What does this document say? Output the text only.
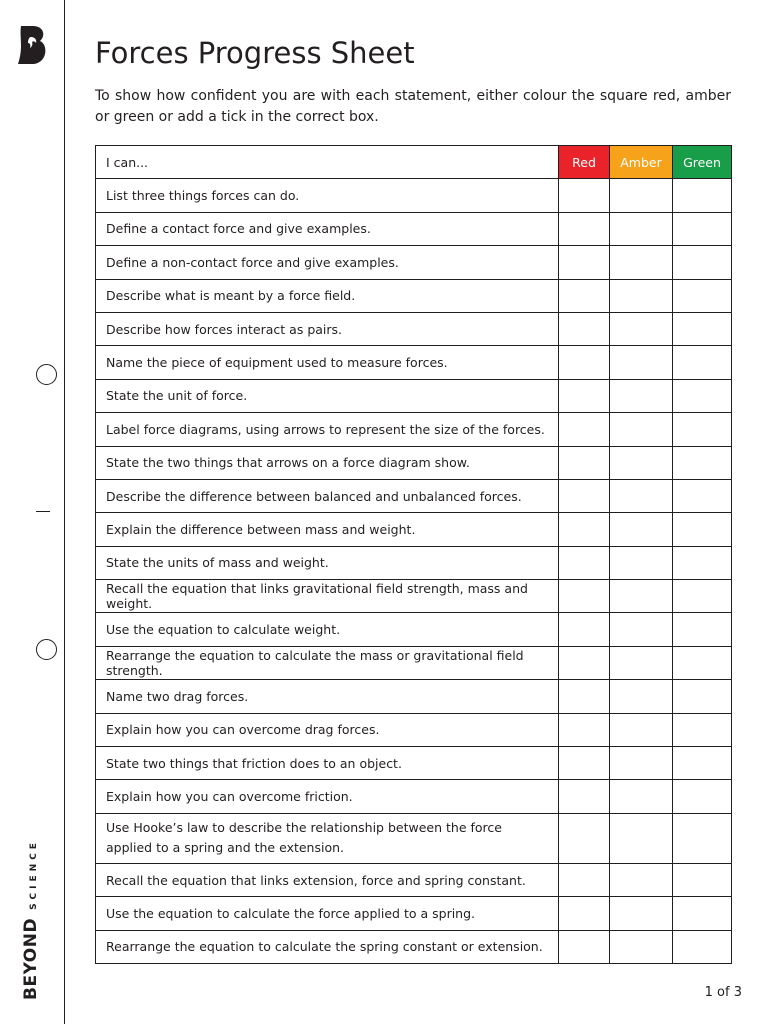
BEYOND
SCIENCE
Forces Progress Sheet

To show how confident you are with each statement, either colour the square red, amber or green or add a tick in the correct box.

I can...	Red	Amber	Green
List three things forces can do.			
Define a contact force and give examples.			
Define a non-contact force and give examples.			
Describe what is meant by a force field.			
Describe how forces interact as pairs.			
Name the piece of equipment used to measure forces.			
State the unit of force.			
Label force diagrams, using arrows to represent the size of the forces.			
State the two things that arrows on a force diagram show.			
Describe the difference between balanced and unbalanced forces.			
Explain the difference between mass and weight.			
State the units of mass and weight.			
Recall the equation that links gravitational field strength, mass and weight.			
Use the equation to calculate weight.			
Rearrange the equation to calculate the mass or gravitational field strength.			
Name two drag forces.			
Explain how you can overcome drag forces.			
State two things that friction does to an object.			
Explain how you can overcome friction.			
Use Hooke’s law to describe the relationship between the force applied to a spring and the extension.			
Recall the equation that links extension, force and spring constant.			
Use the equation to calculate the force applied to a spring.			
Rearrange the equation to calculate the spring constant or extension.			
1 of 3
